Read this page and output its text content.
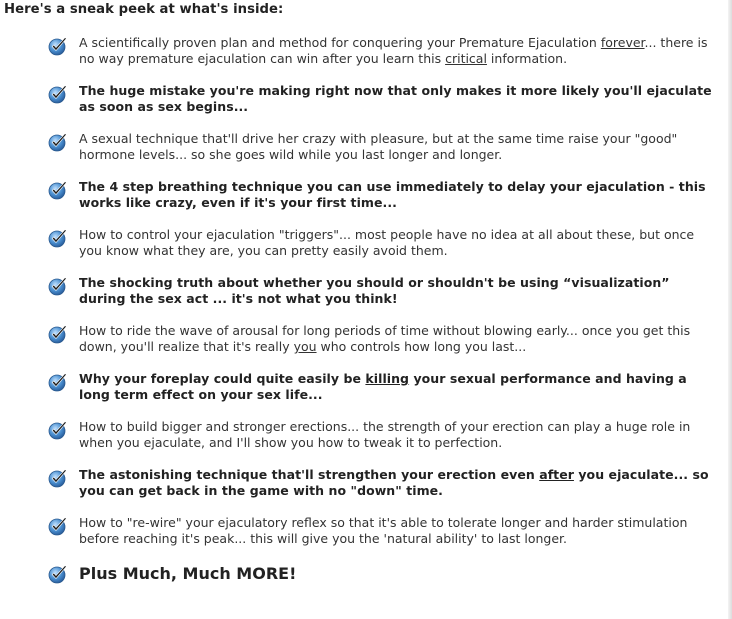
Here's a sneak peek at what's inside:
A scientifically proven plan and method for conquering your Premature Ejaculation forever... there is no way premature ejaculation can win after you learn this critical information.
The huge mistake you're making right now that only makes it more likely you'll ejaculate as soon as sex begins...
A sexual technique that'll drive her crazy with pleasure, but at the same time raise your "good" hormone levels... so she goes wild while you last longer and longer.
The 4 step breathing technique you can use immediately to delay your ejaculation - this works like crazy, even if it's your first time...
How to control your ejaculation "triggers"... most people have no idea at all about these, but once you know what they are, you can pretty easily avoid them.
The shocking truth about whether you should or shouldn't be using “visualization” during the sex act ... it's not what you think!
How to ride the wave of arousal for long periods of time without blowing early... once you get this down, you'll realize that it's really you who controls how long you last...
Why your foreplay could quite easily be killing your sexual performance and having a long term effect on your sex life...
How to build bigger and stronger erections... the strength of your erection can play a huge role in when you ejaculate, and I'll show you how to tweak it to perfection.
The astonishing technique that'll strengthen your erection even after you ejaculate... so you can get back in the game with no "down" time.
How to "re-wire" your ejaculatory reflex so that it's able to tolerate longer and harder stimulation before reaching it's peak... this will give you the 'natural ability' to last longer.
Plus Much, Much MORE!
